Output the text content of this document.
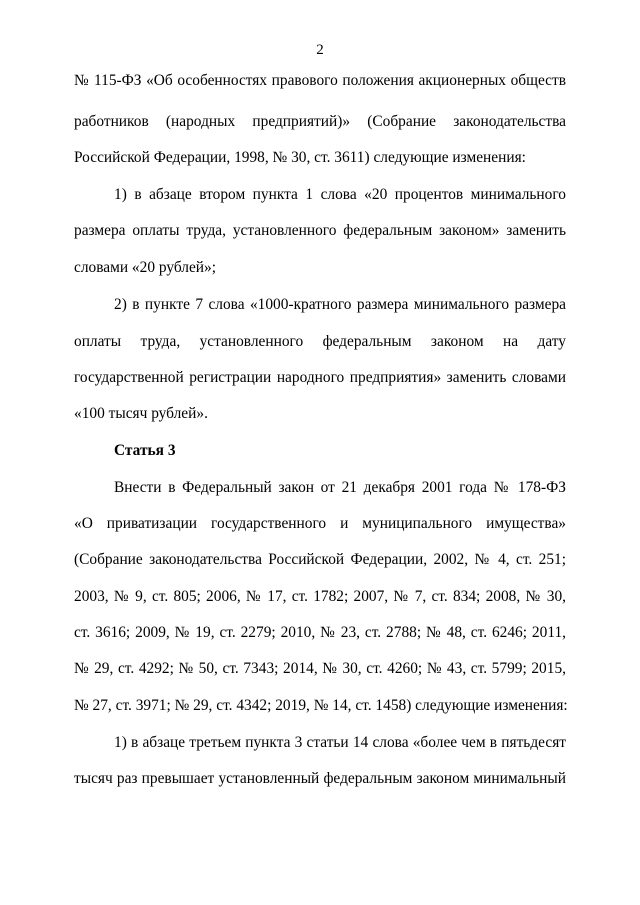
2
№ 115-ФЗ «Об особенностях правового положения акционерных обществ
работников (народных предприятий)» (Собрание законодательства
Российской Федерации, 1998, № 30, ст. 3611) следующие изменения:
1) в абзаце втором пункта 1 слова «20 процентов минимального
размера оплаты труда, установленного федеральным законом» заменить
словами «20 рублей»;
2) в пункте 7 слова «1000-кратного размера минимального размера
оплаты труда, установленного федеральным законом на дату
государственной регистрации народного предприятия» заменить словами
«100 тысяч рублей».
Статья 3
Внести в Федеральный закон от 21 декабря 2001 года № 178-ФЗ
«О приватизации государственного и муниципального имущества»
(Собрание законодательства Российской Федерации, 2002, № 4, ст. 251;
2003, № 9, ст. 805; 2006, № 17, ст. 1782; 2007, № 7, ст. 834; 2008, № 30,
ст. 3616; 2009, № 19, ст. 2279; 2010, № 23, ст. 2788; № 48, ст. 6246; 2011,
№ 29, ст. 4292; № 50, ст. 7343; 2014, № 30, ст. 4260; № 43, ст. 5799; 2015,
№ 27, ст. 3971; № 29, ст. 4342; 2019, № 14, ст. 1458) следующие изменения:
1) в абзаце третьем пункта 3 статьи 14 слова «более чем в пятьдесят
тысяч раз превышает установленный федеральным законом минимальный
